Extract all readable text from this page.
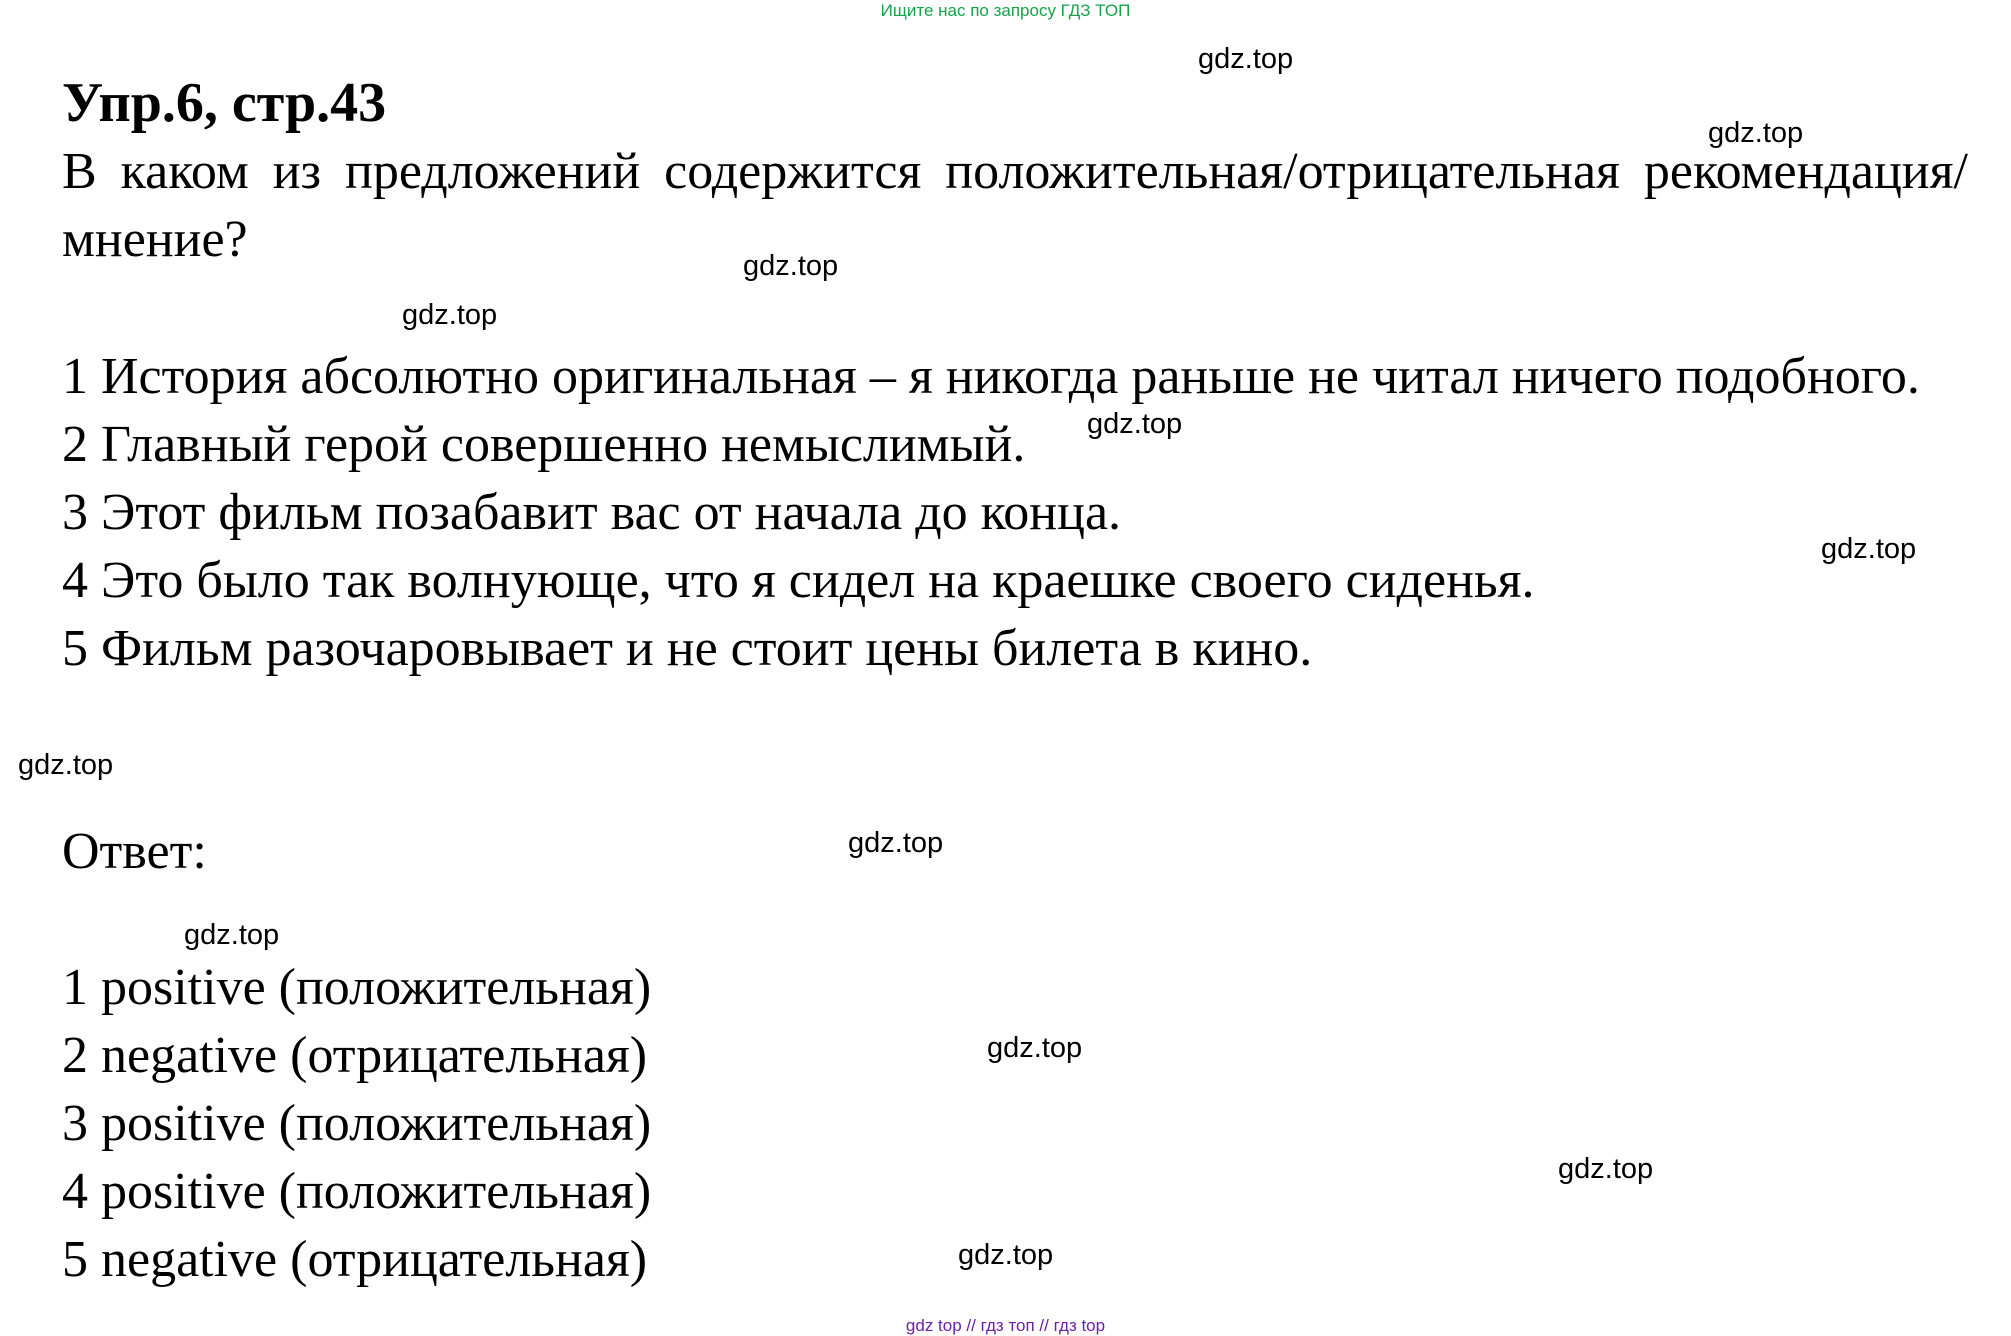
Ищите нас по запросу ГДЗ ТОП
Упр.6, стр.43

В каком из предложений содержится положительная/отрицательная рекомендация/мнение?

1 История абсолютно оригинальная – я никогда раньше не читал ничего подобного.
2 Главный герой совершенно немыслимый.
3 Этот фильм позабавит вас от начала до конца.
4 Это было так волнующе, что я сидел на краешке своего сиденья.
5 Фильм разочаровывает и не стоит цены билета в кино.
Ответ:
1 positive (положительная)
2 negative (отрицательная)
3 positive (положительная)
4 positive (положительная)
5 negative (отрицательная)
gdz.top
gdz.top
gdz.top
gdz.top
gdz.top
gdz.top
gdz.top
gdz.top
gdz.top
gdz.top
gdz.top
gdz.top
gdz.top
gdz top // гдз топ // гдз top
